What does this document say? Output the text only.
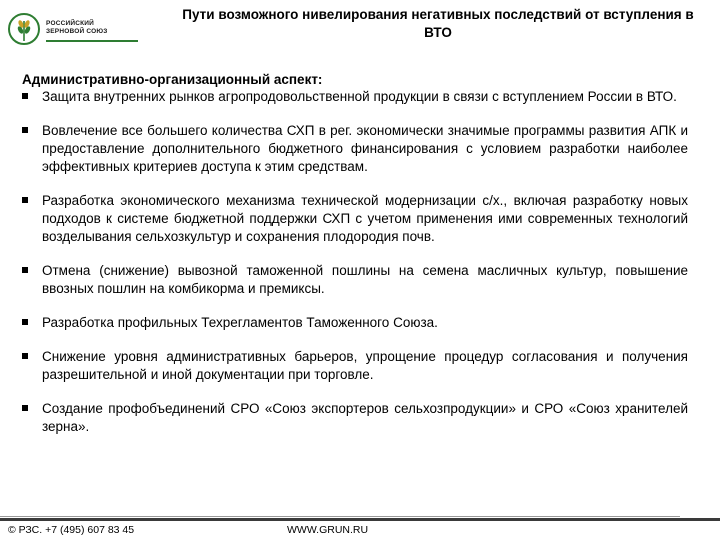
РОССИЙСКИЙ
ЗЕРНОВОЙ СОЮЗ
Пути возможного нивелирования негативных последствий от вступления в ВТО
Административно-организационный аспект:
Защита внутренних рынков агропродовольственной продукции в связи с вступлением России в ВТО.
Вовлечение все большего количества СХП в рег. экономически значимые программы развития АПК и предоставление дополнительного бюджетного финансирования с условием разработки наиболее эффективных критериев доступа к этим средствам.
Разработка экономического механизма технической модернизации с/х., включая разработку новых подходов к системе бюджетной поддержки СХП с учетом применения ими современных технологий возделывания сельхозкультур и сохранения плодородия почв.
Отмена (снижение) вывозной таможенной пошлины на семена масличных культур, повышение ввозных пошлин на комбикорма и премиксы.
Разработка профильных Техрегламентов Таможенного Союза.
Снижение уровня административных барьеров, упрощение процедур согласования и получения разрешительной и иной документации при торговле.
Создание профобъединений СРО «Союз экспортеров сельхозпродукции» и СРО «Союз хранителей зерна».
© РЗС. +7 (495) 607 83 45	WWW.GRUN.RU
